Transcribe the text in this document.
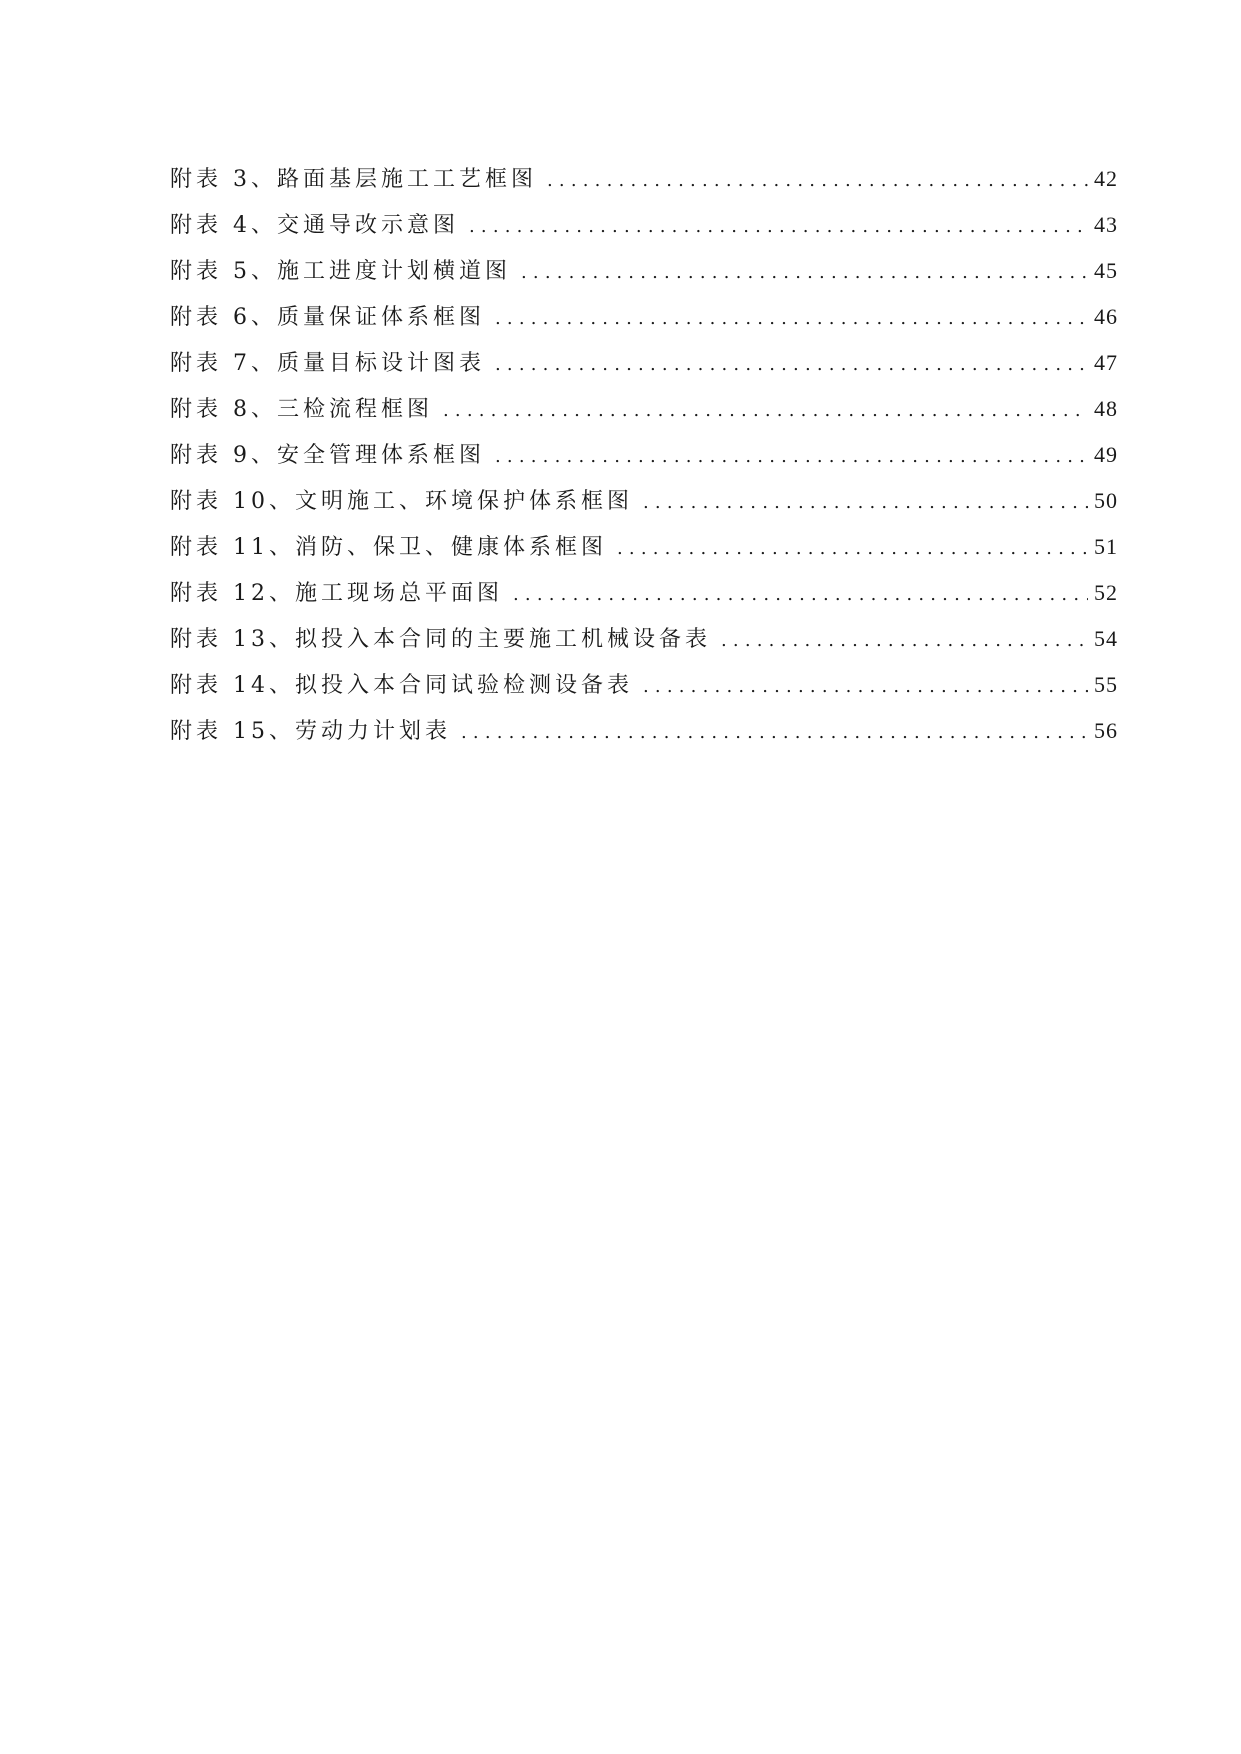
附表 3、路面基层施工工艺框图 .....	42
附表 4、交通导改示意图 .....	43
附表 5、施工进度计划横道图 .....	45
附表 6、质量保证体系框图 .....	46
附表 7、质量目标设计图表 .....	47
附表 8、三检流程框图 .....	48
附表 9、安全管理体系框图 .....	49
附表 10、文明施工、环境保护体系框图 .....	50
附表 11、消防、保卫、健康体系框图 .....	51
附表 12、施工现场总平面图 .....	52
附表 13、拟投入本合同的主要施工机械设备表 .....	54
附表 14、拟投入本合同试验检测设备表 .....	55
附表 15、劳动力计划表 .....	56
